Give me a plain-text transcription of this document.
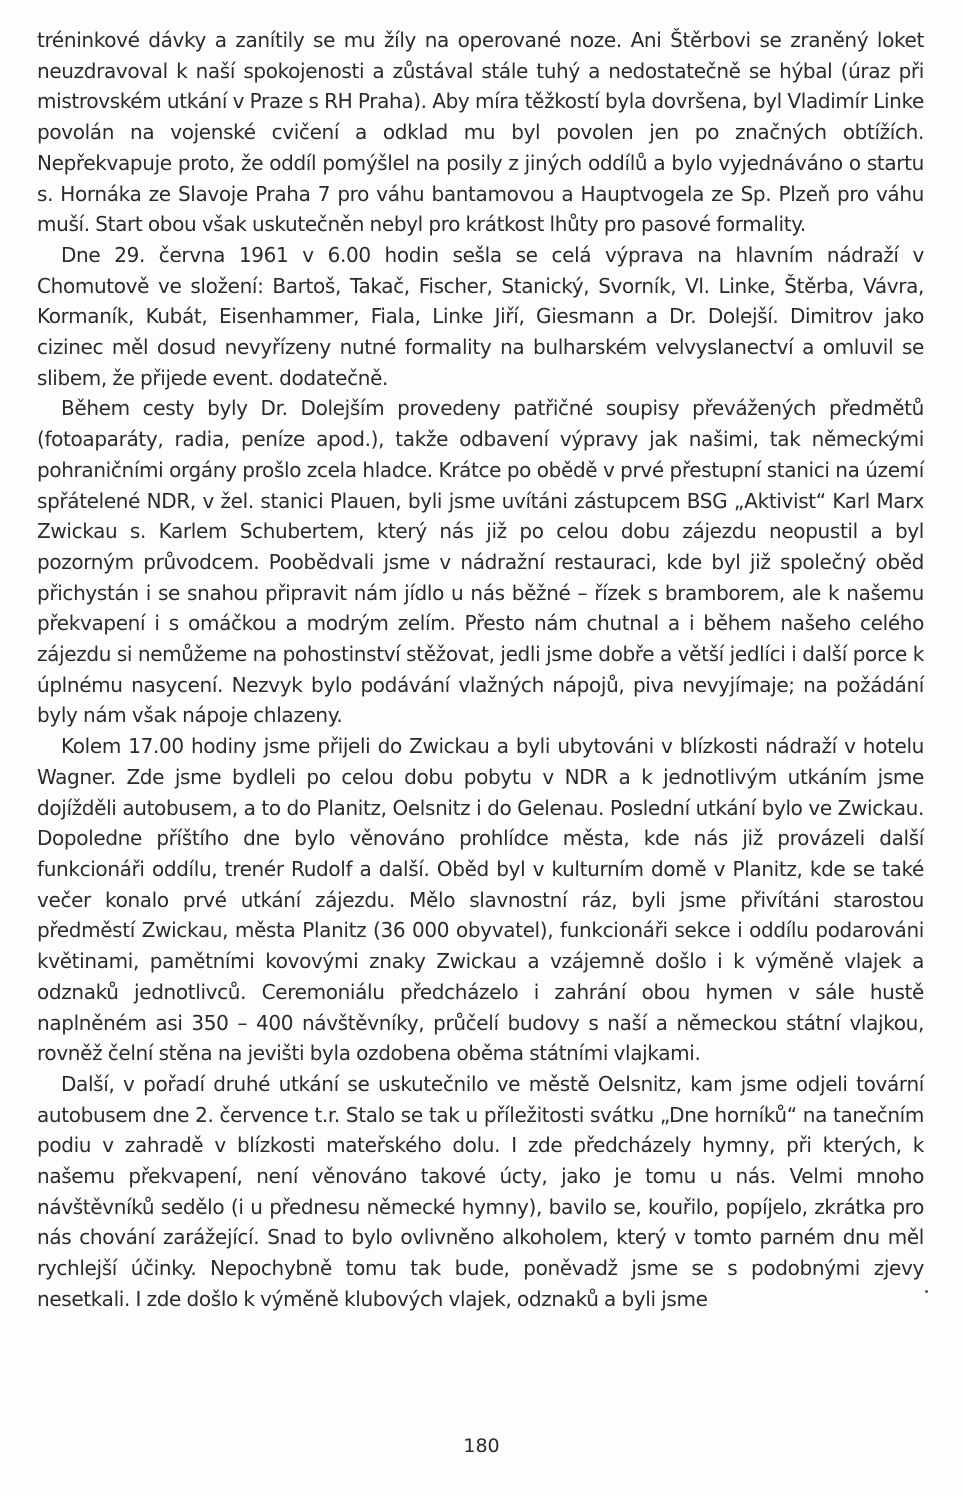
tréninkové dávky a zanítily se mu žíly na operované noze. Ani Štěrbovi se zraněný loket neuzdravoval k naší spokojenosti a zůstával stále tuhý a nedostatečně se hýbal (úraz při mistrovském utkání v Praze s RH Praha). Aby míra těžkostí byla dovršena, byl Vladimír Linke povolán na vojenské cvičení a odklad mu byl povolen jen po značných obtížích. Nepřekvapuje proto, že oddíl pomýšlel na posily z jiných oddílů a bylo vyjednáváno o startu s. Hornáka ze Slavoje Praha 7 pro váhu bantamovou a Hauptvogela ze Sp. Plzeň pro váhu muší. Start obou však uskutečněn nebyl pro krátkost lhůty pro pasové formality.

Dne 29. června 1961 v 6.00 hodin sešla se celá výprava na hlavním nádraží v Chomutově ve složení: Bartoš, Takač, Fischer, Stanický, Svorník, Vl. Linke, Štěrba, Vávra, Kormaník, Kubát, Eisenhammer, Fiala, Linke Jiří, Giesmann a Dr. Dolejší. Dimitrov jako cizinec měl dosud nevyřízeny nutné formality na bulharském velvyslanectví a omluvil se slibem, že přijede event. dodatečně.

Během cesty byly Dr. Dolejším provedeny patřičné soupisy převážených předmětů (fotoaparáty, radia, peníze apod.), takže odbavení výpravy jak našimi, tak německými pohraničními orgány prošlo zcela hladce. Krátce po obědě v prvé přestupní stanici na území spřátelené NDR, v žel. stanici Plauen, byli jsme uvítáni zástupcem BSG „Aktivist“ Karl Marx Zwickau s. Karlem Schubertem, který nás již po celou dobu zájezdu neopustil a byl pozorným průvodcem. Poobědvali jsme v nádražní restauraci, kde byl již společný oběd přichystán i se snahou připravit nám jídlo u nás běžné – řízek s bramborem, ale k našemu překvapení i s omáčkou a modrým zelím. Přesto nám chutnal a i během našeho celého zájezdu si nemůžeme na pohostinství stěžovat, jedli jsme dobře a větší jedlíci i další porce k úplnému nasycení. Nezvyk bylo podávání vlažných nápojů, piva nevyjímaje; na požádání byly nám však nápoje chlazeny.

Kolem 17.00 hodiny jsme přijeli do Zwickau a byli ubytováni v blízkosti nádraží v hotelu Wagner. Zde jsme bydleli po celou dobu pobytu v NDR a k jednotlivým utkáním jsme dojížděli autobusem, a to do Planitz, Oelsnitz i do Gelenau. Poslední utkání bylo ve Zwickau. Dopoledne příštího dne bylo věnováno prohlídce města, kde nás již provázeli další funkcionáři oddílu, trenér Rudolf a další. Oběd byl v kulturním domě v Planitz, kde se také večer konalo prvé utkání zájezdu. Mělo slavnostní ráz, byli jsme přivítáni starostou předměstí Zwickau, města Planitz (36 000 obyvatel), funkcionáři sekce i oddílu podarováni květinami, pamětními kovovými znaky Zwickau a vzájemně došlo i k výměně vlajek a odznaků jednotlivců. Ceremoniálu předcházelo i zahrání obou hymen v sále hustě naplněném asi 350 – 400 návštěvníky, průčelí budovy s naší a německou státní vlajkou, rovněž čelní stěna na jevišti byla ozdobena oběma státními vlajkami.

Další, v pořadí druhé utkání se uskutečnilo ve městě Oelsnitz, kam jsme odjeli tovární autobusem dne 2. července t.r. Stalo se tak u příležitosti svátku „Dne horníků“ na tanečním podiu v zahradě v blízkosti mateřského dolu. I zde předcházely hymny, při kterých, k našemu překvapení, není věnováno takové úcty, jako je tomu u nás. Velmi mnoho návštěvníků sedělo (i u přednesu německé hymny), bavilo se, kouřilo, popíjelo, zkrátka pro nás chování zarážející. Snad to bylo ovlivněno alkoholem, který v tomto parném dnu měl rychlejší účinky. Nepochybně tomu tak bude, poněvadž jsme se s podobnými zjevy nesetkali. I zde došlo k výměně klubových vlajek, odznaků a byli jsme

180
